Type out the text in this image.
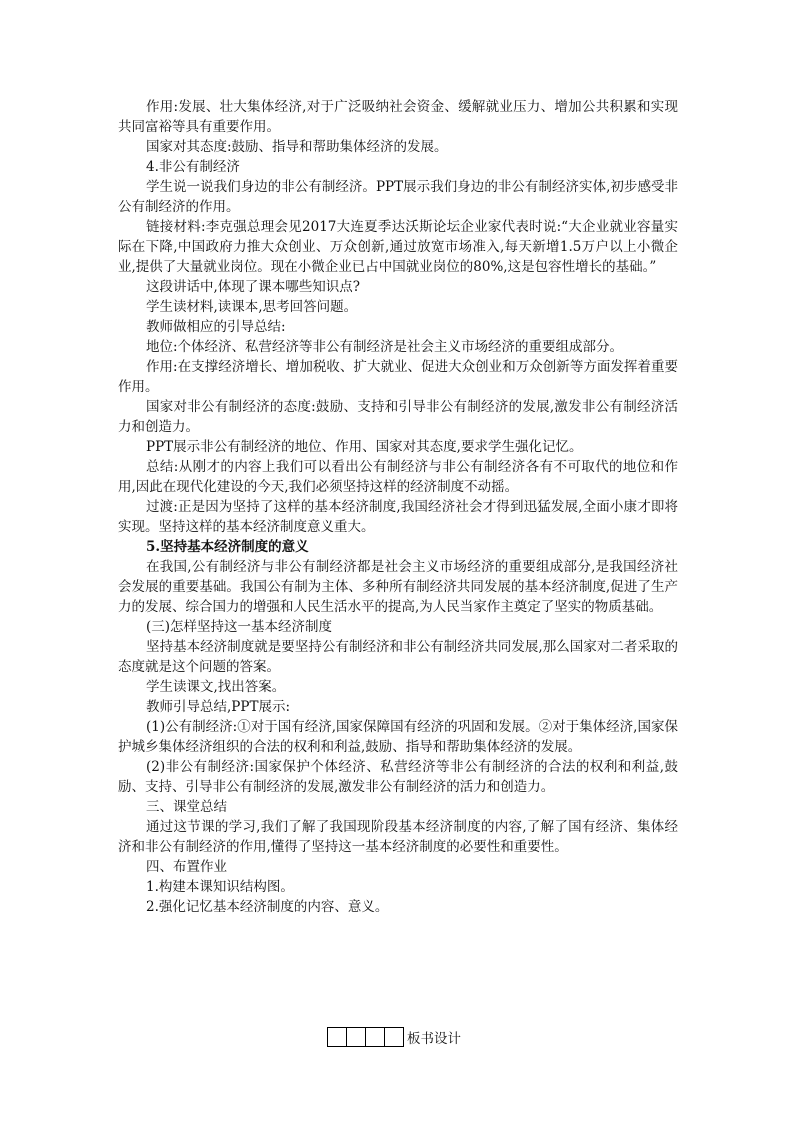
作用:发展、壮大集体经济,对于广泛吸纳社会资金、缓解就业压力、增加公共积累和实现共同富裕等具有重要作用。

国家对其态度:鼓励、指导和帮助集体经济的发展。

4.非公有制经济

学生说一说我们身边的非公有制经济。PPT展示我们身边的非公有制经济实体,初步感受非公有制经济的作用。

链接材料:李克强总理会见2017大连夏季达沃斯论坛企业家代表时说:“大企业就业容量实际在下降,中国政府力推大众创业、万众创新,通过放宽市场准入,每天新增1.5万户以上小微企业,提供了大量就业岗位。现在小微企业已占中国就业岗位的80%,这是包容性增长的基础。”

这段讲话中,体现了课本哪些知识点?

学生读材料,读课本,思考回答问题。

教师做相应的引导总结:

地位:个体经济、私营经济等非公有制经济是社会主义市场经济的重要组成部分。

作用:在支撑经济增长、增加税收、扩大就业、促进大众创业和万众创新等方面发挥着重要作用。

国家对非公有制经济的态度:鼓励、支持和引导非公有制经济的发展,激发非公有制经济活力和创造力。

PPT展示非公有制经济的地位、作用、国家对其态度,要求学生强化记忆。

总结:从刚才的内容上我们可以看出公有制经济与非公有制经济各有不可取代的地位和作用,因此在现代化建设的今天,我们必须坚持这样的经济制度不动摇。

过渡:正是因为坚持了这样的基本经济制度,我国经济社会才得到迅猛发展,全面小康才即将实现。坚持这样的基本经济制度意义重大。

5.坚持基本经济制度的意义

在我国,公有制经济与非公有制经济都是社会主义市场经济的重要组成部分,是我国经济社会发展的重要基础。我国公有制为主体、多种所有制经济共同发展的基本经济制度,促进了生产力的发展、综合国力的增强和人民生活水平的提高,为人民当家作主奠定了坚实的物质基础。

(三)怎样坚持这一基本经济制度

坚持基本经济制度就是要坚持公有制经济和非公有制经济共同发展,那么国家对二者采取的态度就是这个问题的答案。

学生读课文,找出答案。

教师引导总结,PPT展示:

(1)公有制经济:①对于国有经济,国家保障国有经济的巩固和发展。②对于集体经济,国家保护城乡集体经济组织的合法的权利和利益,鼓励、指导和帮助集体经济的发展。

(2)非公有制经济:国家保护个体经济、私营经济等非公有制经济的合法的权利和利益,鼓励、支持、引导非公有制经济的发展,激发非公有制经济的活力和创造力。

三、课堂总结

通过这节课的学习,我们了解了我国现阶段基本经济制度的内容,了解了国有经济、集体经济和非公有制经济的作用,懂得了坚持这一基本经济制度的必要性和重要性。

四、布置作业

1.构建本课知识结构图。

2.强化记忆基本经济制度的内容、意义。

板书设计
